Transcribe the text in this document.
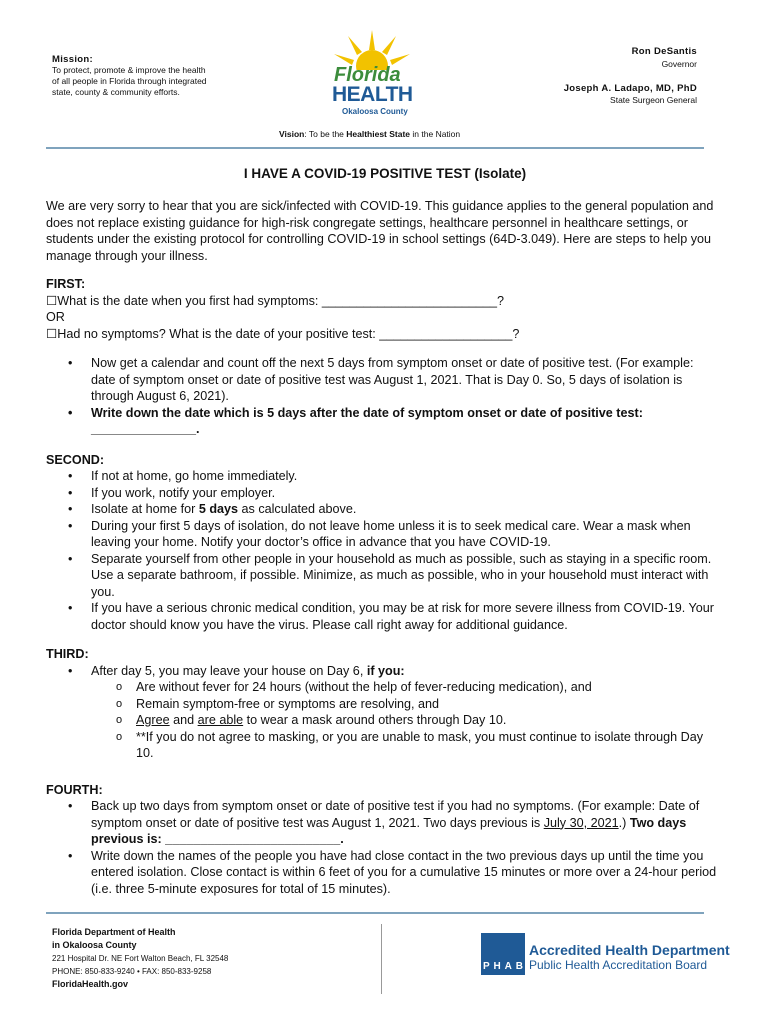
Mission:
To protect, promote & improve the health
of all people in Florida through integrated
state, county & community efforts.
Florida
HEALTH
Okaloosa County
Ron DeSantis
Governor
Joseph A. Ladapo, MD, PhD
State Surgeon General
Vision: To be the Healthiest State in the Nation
I HAVE A COVID-19 POSITIVE TEST (Isolate)
We are very sorry to hear that you are sick/infected with COVID-19. This guidance applies to the general population and does not replace existing guidance for high-risk congregate settings, healthcare personnel in healthcare settings, or students under the existing protocol for controlling COVID-19 in school settings (64D-3.049). Here are steps to help you manage through your illness.
FIRST:
☐What is the date when you first had symptoms: _________________________?
OR
☐Had no symptoms? What is the date of your positive test: ___________________?
• Now get a calendar and count off the next 5 days from symptom onset or date of positive test. (For example: date of symptom onset or date of positive test was August 1, 2021. That is Day 0. So, 5 days of isolation is through August 6, 2021).
• Write down the date which is 5 days after the date of symptom onset or date of positive test: _______________.
SECOND:
• If not at home, go home immediately.
• If you work, notify your employer.
• Isolate at home for 5 days as calculated above.
• During your first 5 days of isolation, do not leave home unless it is to seek medical care. Wear a mask when leaving your home. Notify your doctor’s office in advance that you have COVID-19.
• Separate yourself from other people in your household as much as possible, such as staying in a specific room. Use a separate bathroom, if possible. Minimize, as much as possible, who in your household must interact with you.
• If you have a serious chronic medical condition, you may be at risk for more severe illness from COVID-19. Your doctor should know you have the virus. Please call right away for additional guidance.
THIRD:
• After day 5, you may leave your house on Day 6, if you:
o Are without fever for 24 hours (without the help of fever-reducing medication), and
o Remain symptom-free or symptoms are resolving, and
o Agree and are able to wear a mask around others through Day 10.
o **If you do not agree to masking, or you are unable to mask, you must continue to isolate through Day 10.
FOURTH:
• Back up two days from symptom onset or date of positive test if you had no symptoms. (For example: Date of symptom onset or date of positive test was August 1, 2021. Two days previous is July 30, 2021.) Two days previous is: _________________________.
• Write down the names of the people you have had close contact in the two previous days up until the time you entered isolation. Close contact is within 6 feet of you for a cumulative 15 minutes or more over a 24-hour period (i.e. three 5-minute exposures for total of 15 minutes).
Florida Department of Health
in Okaloosa County
221 Hospital Dr. NE Fort Walton Beach, FL 32548
PHONE: 850-833-9240 • FAX: 850-833-9258
FloridaHealth.gov
P H A B
Accredited Health Department
Public Health Accreditation Board
